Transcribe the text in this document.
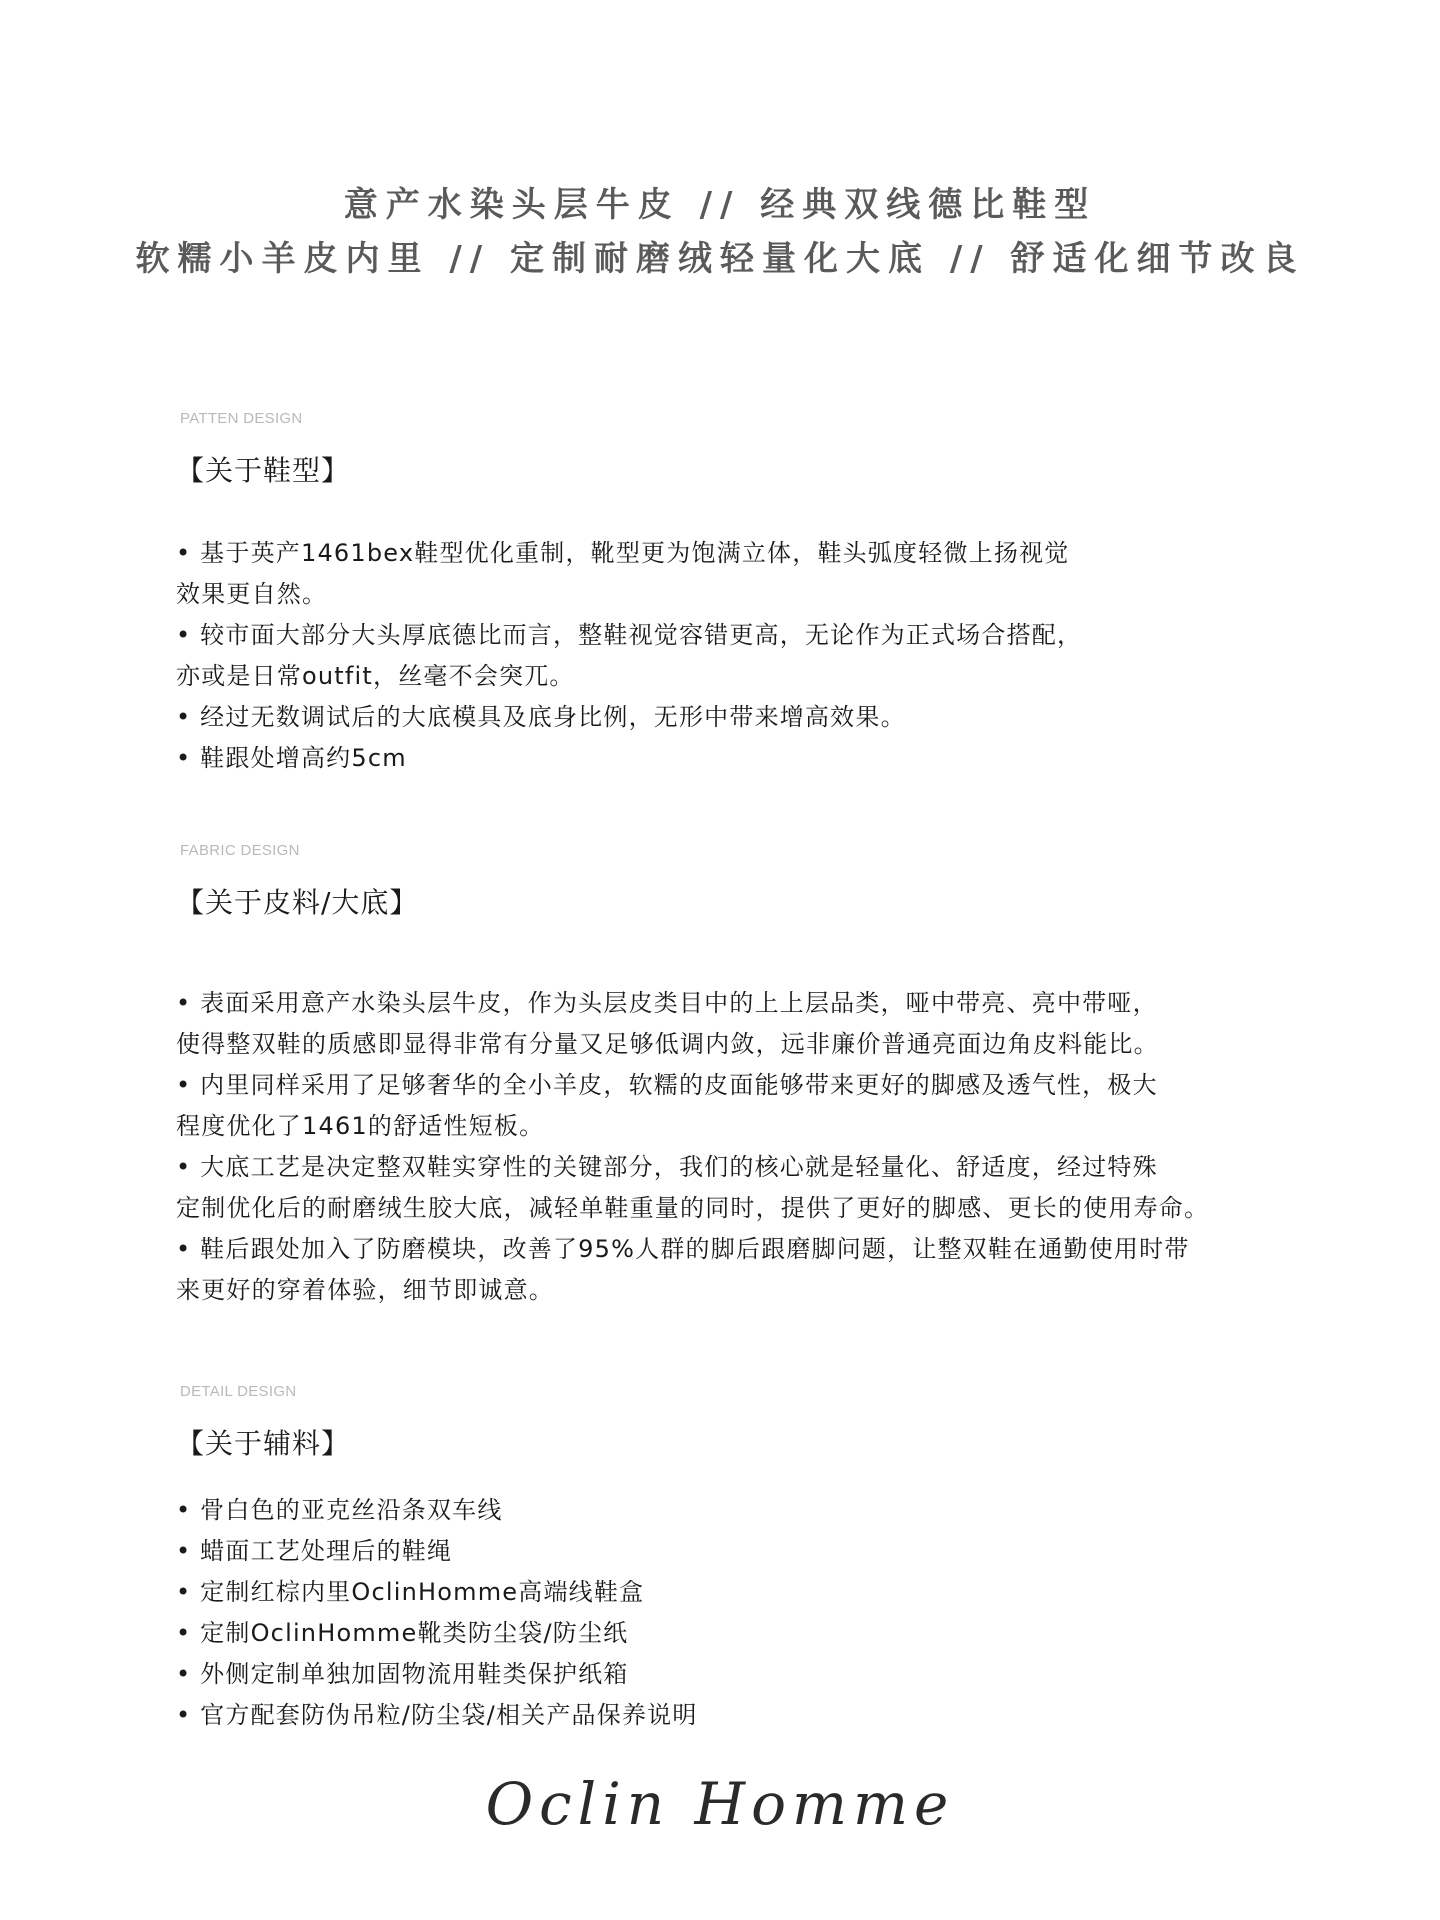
意产水染头层牛皮 // 经典双线德比鞋型
软糯小羊皮内里 // 定制耐磨绒轻量化大底 // 舒适化细节改良
PATTEN DESIGN
【关于鞋型】
• 基于英产1461bex鞋型优化重制，靴型更为饱满立体，鞋头弧度轻微上扬视觉
效果更自然。
• 较市面大部分大头厚底德比而言，整鞋视觉容错更高，无论作为正式场合搭配，
亦或是日常outfit，丝毫不会突兀。
• 经过无数调试后的大底模具及底身比例，无形中带来增高效果。
• 鞋跟处增高约5cm
FABRIC DESIGN
【关于皮料/大底】
• 表面采用意产水染头层牛皮，作为头层皮类目中的上上层品类，哑中带亮、亮中带哑，
使得整双鞋的质感即显得非常有分量又足够低调内敛，远非廉价普通亮面边角皮料能比。
• 内里同样采用了足够奢华的全小羊皮，软糯的皮面能够带来更好的脚感及透气性，极大
程度优化了1461的舒适性短板。
• 大底工艺是决定整双鞋实穿性的关键部分，我们的核心就是轻量化、舒适度，经过特殊
定制优化后的耐磨绒生胶大底，减轻单鞋重量的同时，提供了更好的脚感、更长的使用寿命。
• 鞋后跟处加入了防磨模块，改善了95%人群的脚后跟磨脚问题，让整双鞋在通勤使用时带
来更好的穿着体验，细节即诚意。
DETAIL DESIGN
【关于辅料】
• 骨白色的亚克丝沿条双车线
• 蜡面工艺处理后的鞋绳
• 定制红棕内里OclinHomme高端线鞋盒
• 定制OclinHomme靴类防尘袋/防尘纸
• 外侧定制单独加固物流用鞋类保护纸箱
• 官方配套防伪吊粒/防尘袋/相关产品保养说明
Oclin Homme
